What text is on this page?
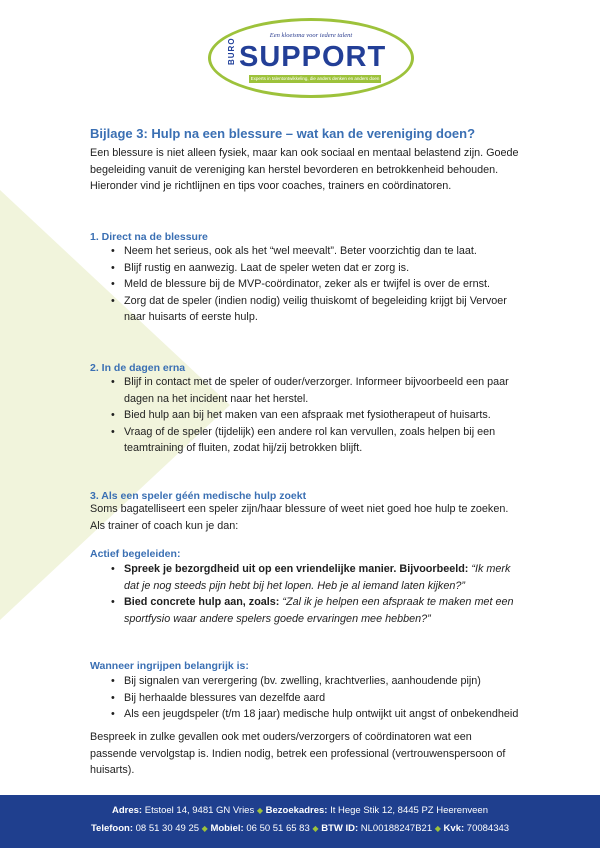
Een kloeisma voor iedere talent
BURO SUPPORT
Experts in talentontwikkeling, die anders denken en anders doen
Bijlage 3: Hulp na een blessure – wat kan de vereniging doen?
Een blessure is niet alleen fysiek, maar kan ook sociaal en mentaal belastend zijn. Goede begeleiding vanuit de vereniging kan herstel bevorderen en betrokkenheid behouden. Hieronder vind je richtlijnen en tips voor coaches, trainers en coördinatoren.
1. Direct na de blessure
• Neem het serieus, ook als het “wel meevalt”. Beter voorzichtig dan te laat.
• Blijf rustig en aanwezig. Laat de speler weten dat er zorg is.
• Meld de blessure bij de MVP-coördinator, zeker als er twijfel is over de ernst.
• Zorg dat de speler (indien nodig) veilig thuiskomt of begeleiding krijgt bij Vervoer naar huisarts of eerste hulp.
2. In de dagen erna
• Blijf in contact met de speler of ouder/verzorger. Informeer bijvoorbeeld een paar dagen na het incident naar het herstel.
• Bied hulp aan bij het maken van een afspraak met fysiotherapeut of huisarts.
• Vraag of de speler (tijdelijk) een andere rol kan vervullen, zoals helpen bij een teamtraining of fluiten, zodat hij/zij betrokken blijft.
3. Als een speler géén medische hulp zoekt
Soms bagatelliseert een speler zijn/haar blessure of weet niet goed hoe hulp te zoeken. Als trainer of coach kun je dan:
Actief begeleiden:
• Spreek je bezorgdheid uit op een vriendelijke manier. Bijvoorbeeld: “Ik merk dat je nog steeds pijn hebt bij het lopen. Heb je al iemand laten kijken?”
• Bied concrete hulp aan, zoals: “Zal ik je helpen een afspraak te maken met een sportfysio waar andere spelers goede ervaringen mee hebben?”
Wanneer ingrijpen belangrijk is:
• Bij signalen van verergering (bv. zwelling, krachtverlies, aanhoudende pijn)
• Bij herhaalde blessures van dezelfde aard
• Als een jeugdspeler (t/m 18 jaar) medische hulp ontwijkt uit angst of onbekendheid
Bespreek in zulke gevallen ook met ouders/verzorgers of coördinatoren wat een passende vervolgstap is. Indien nodig, betrek een professional (vertrouwenspersoon of huisarts).
Adres: Etstoel 14, 9481 GN Vries ◆ Bezoekadres: It Hege Stik 12, 8445 PZ Heerenveen
Telefoon: 08 51 30 49 25 ◆ Mobiel: 06 50 51 65 83 ◆ BTW ID: NL00188247B21 ◆ Kvk: 70084343
